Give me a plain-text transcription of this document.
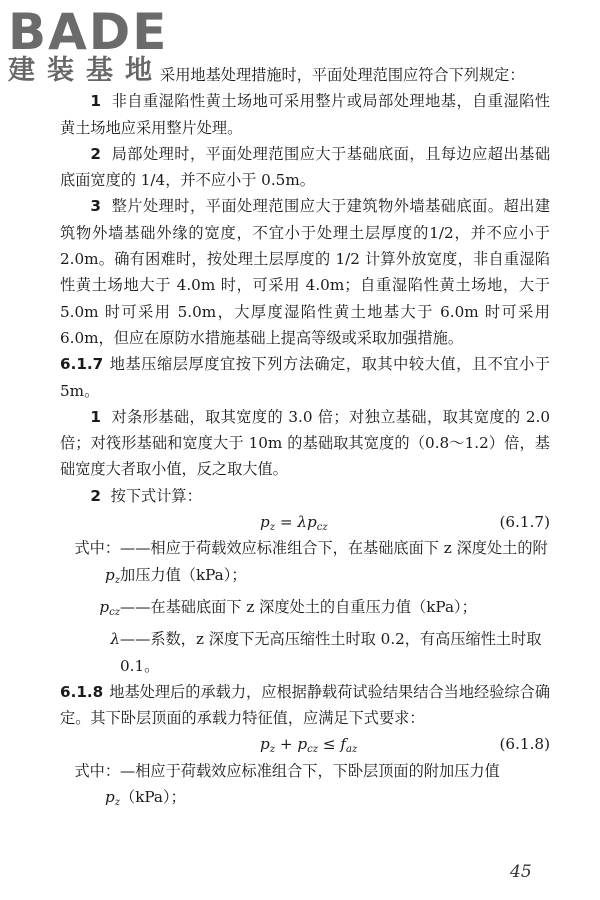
BADE
建装基地

采用地基处理措施时，平面处理范围应符合下列规定：

1 非自重湿陷性黄土场地可采用整片或局部处理地基，自重湿陷性黄土场地应采用整片处理。

2 局部处理时，平面处理范围应大于基础底面，且每边应超出基础底面宽度的 1/4，并不应小于 0.5m。

3 整片处理时，平面处理范围应大于建筑物外墙基础底面。超出建筑物外墙基础外缘的宽度，不宜小于处理土层厚度的1/2，并不应小于 2.0m。确有困难时，按处理土层厚度的 1/2 计算外放宽度，非自重湿陷性黄土场地大于 4.0m 时，可采用 4.0m；自重湿陷性黄土场地，大于 5.0m 时可采用 5.0m，大厚度湿陷性黄土地基大于 6.0m 时可采用 6.0m，但应在原防水措施基础上提高等级或采取加强措施。

6.1.7 地基压缩层厚度宜按下列方法确定，取其中较大值，且不宜小于 5m。

1 对条形基础，取其宽度的 3.0 倍；对独立基础，取其宽度的 2.0 倍；对筏形基础和宽度大于 10m 的基础取其宽度的（0.8～1.2）倍，基础宽度大者取小值，反之取大值。

2 按下式计算：

$p_z = \lambda p_{cz}$	(6.1.7)
式中：$p_z$
——相应于荷载效应标准组合下，在基础底面下 z 深度处土的附加压力值（kPa）；
$p_{cz}$ ——在基础底面下 z 深度处土的自重压力值（kPa）；
λ ——系数，z 深度下无高压缩性土时取 0.2，有高压缩性土时取 0.1。

6.1.8 地基处理后的承载力，应根据静载荷试验结果结合当地经验综合确定。其下卧层顶面的承载力特征值，应满足下式要求：

$p_z + p_{cz} \le f_{az}$	(6.1.8)
式中：$p_z$
—相应于荷载效应标准组合下，下卧层顶面的附加压力值（kPa）；
45
